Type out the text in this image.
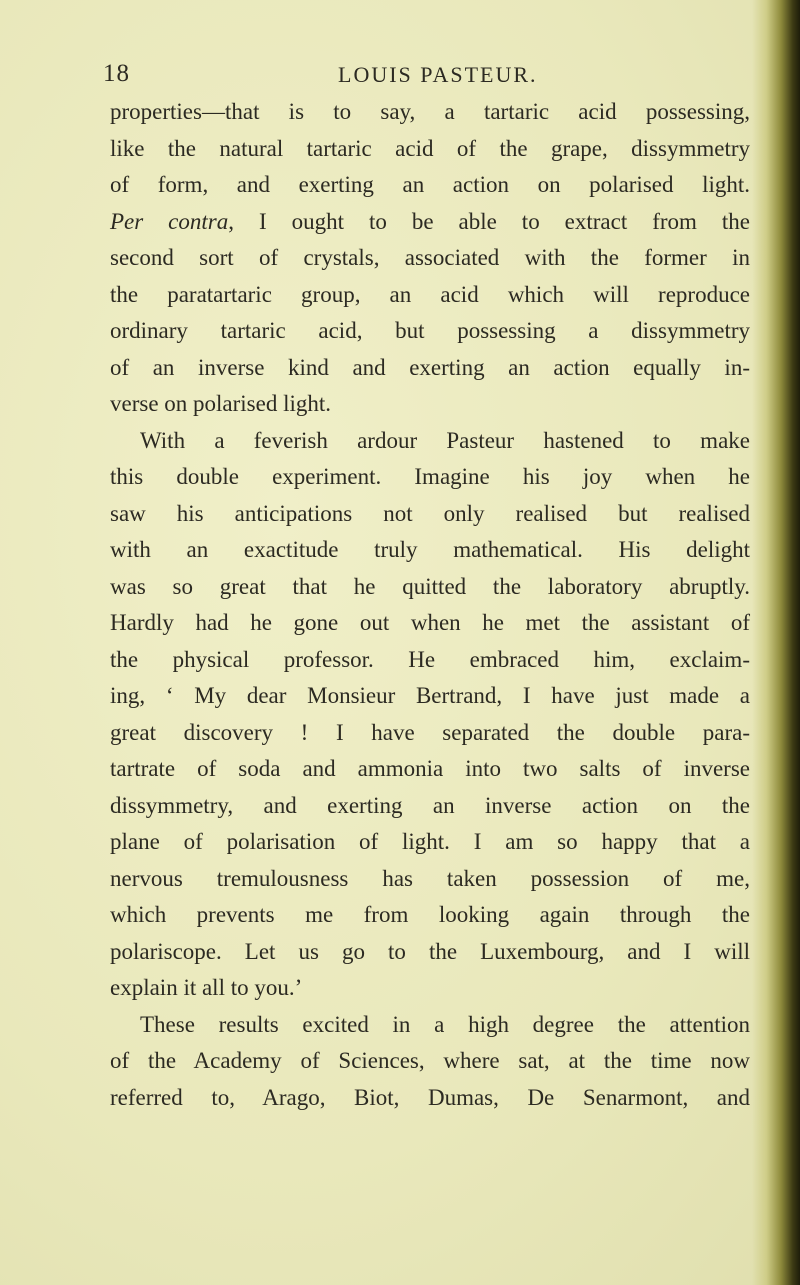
18	LOUIS PASTEUR.
properties—that is to say, a tartaric acid possessing,
like the natural tartaric acid of the grape, dissymmetry
of form, and exerting an action on polarised light.
Per contra, I ought to be able to extract from the
second sort of crystals, associated with the former in
the paratartaric group, an acid which will reproduce
ordinary tartaric acid, but possessing a dissymmetry
of an inverse kind and exerting an action equally in-
verse on polarised light.
With a feverish ardour Pasteur hastened to make
this double experiment. Imagine his joy when he
saw his anticipations not only realised but realised
with an exactitude truly mathematical. His delight
was so great that he quitted the laboratory abruptly.
Hardly had he gone out when he met the assistant of
the physical professor. He embraced him, exclaim-
ing, ‘ My dear Monsieur Bertrand, I have just made a
great discovery ! I have separated the double para-
tartrate of soda and ammonia into two salts of inverse
dissymmetry, and exerting an inverse action on the
plane of polarisation of light. I am so happy that a
nervous tremulousness has taken possession of me,
which prevents me from looking again through the
polariscope. Let us go to the Luxembourg, and I will
explain it all to you.’
These results excited in a high degree the attention
of the Academy of Sciences, where sat, at the time now
referred to, Arago, Biot, Dumas, De Senarmont, and
